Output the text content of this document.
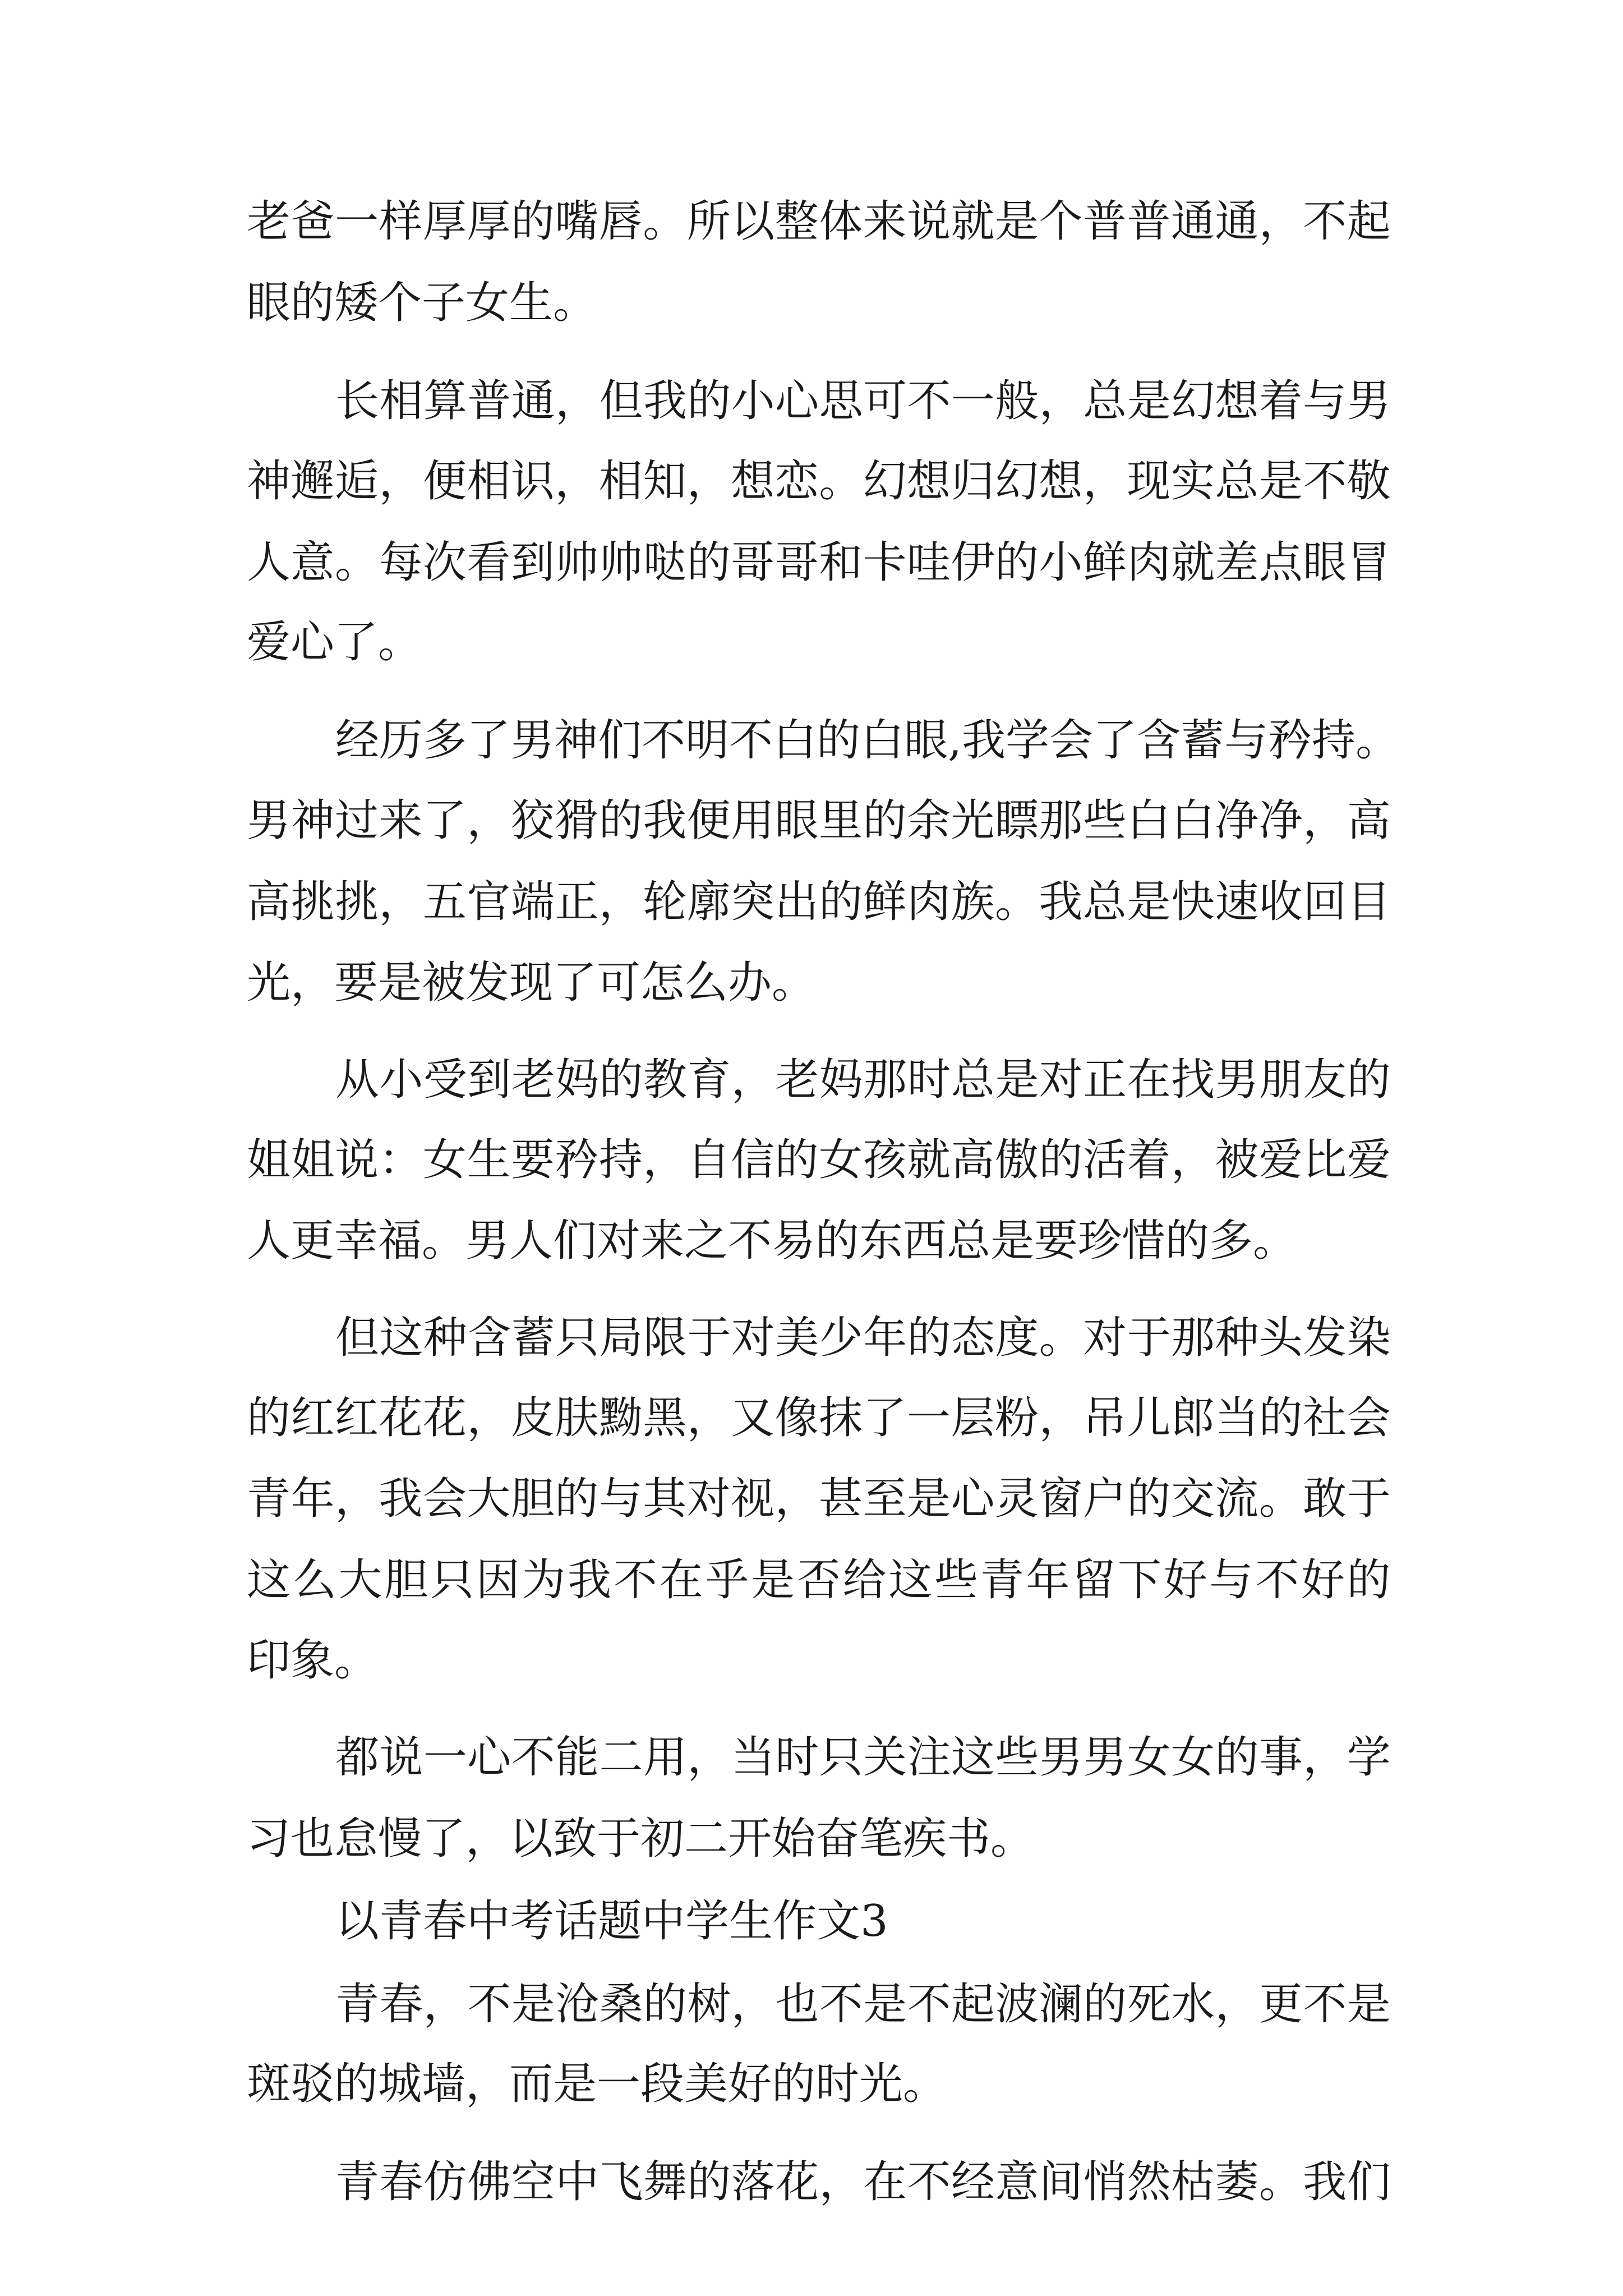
老 爸 一 样 厚 厚 的 嘴 唇 。 所 以 整 体 来 说 就 是 个 普 普 通 通 ， 不 起
眼的矮个子女生。
长 相 算 普 通 ， 但 我 的 小 心 思 可 不 一 般 ， 总 是 幻 想 着 与 男
神 邂 逅 ， 便 相 识 ， 相 知 ， 想 恋 。 幻 想 归 幻 想 ， 现 实 总 是 不 敬
人 意 。 每 次 看 到 帅 帅 哒 的 哥 哥 和 卡 哇 伊 的 小 鲜 肉 就 差 点 眼 冒
爱心了。
经 历 多 了 男 神 们 不 明 不 白 的 白 眼 , 我 学 会 了 含 蓄 与 矜 持 。
男 神 过 来 了 ， 狡 猾 的 我 便 用 眼 里 的 余 光 瞟 那 些 白 白 净 净 ， 高
高 挑 挑 ， 五 官 端 正 ， 轮 廓 突 出 的 鲜 肉 族 。 我 总 是 快 速 收 回 目
光，要是被发现了可怎么办。
从 小 受 到 老 妈 的 教 育 ， 老 妈 那 时 总 是 对 正 在 找 男 朋 友 的
姐 姐 说 ： 女 生 要 矜 持 ， 自 信 的 女 孩 就 高 傲 的 活 着 ， 被 爱 比 爱
人更幸福。男人们对来之不易的东西总是要珍惜的多。
但 这 种 含 蓄 只 局 限 于 对 美 少 年 的 态 度 。 对 于 那 种 头 发 染
的 红 红 花 花 ， 皮 肤 黝 黑 ， 又 像 抹 了 一 层 粉 ， 吊 儿 郎 当 的 社 会
青 年 ， 我 会 大 胆 的 与 其 对 视 ， 甚 至 是 心 灵 窗 户 的 交 流 。 敢 于
这 么 大 胆 只 因 为 我 不 在 乎 是 否 给 这 些 青 年 留 下 好 与 不 好 的
印象。
都 说 一 心 不 能 二 用 ， 当 时 只 关 注 这 些 男 男 女 女 的 事 ， 学
习也怠慢了，以致于初二开始奋笔疾书。
以青春中考话题中学生作文3
青 春 ， 不 是 沧 桑 的 树 ， 也 不 是 不 起 波 澜 的 死 水 ， 更 不 是
斑驳的城墙，而是一段美好的时光。
青 春 仿 佛 空 中 飞 舞 的 落 花 ， 在 不 经 意 间 悄 然 枯 萎 。 我 们
